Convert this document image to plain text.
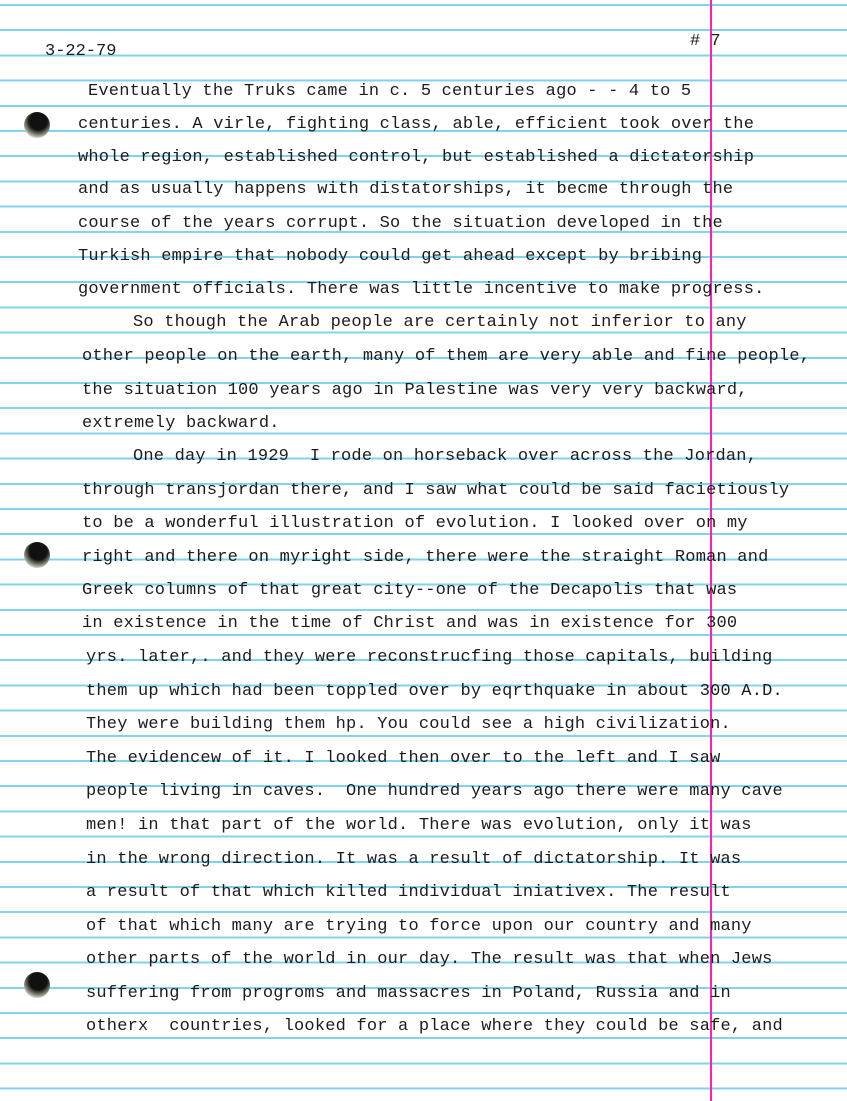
3-22-79
# 7
Eventually the Truks came in c. 5 centuries ago - - 4 to 5
centuries. A virle, fighting class, able, efficient took over the
whole region, established control, but established a dictatorship
and as usually happens with distatorships, it becme through the
course of the years corrupt. So the situation developed in the
Turkish empire that nobody could get ahead except by bribing
government officials. There was little incentive to make progress.
So though the Arab people are certainly not inferior to any
other people on the earth, many of them are very able and fine people,
the situation 100 years ago in Palestine was very very backward,
extremely backward.
One day in 1929  I rode on horseback over across the Jordan,
through transjordan there, and I saw what could be said facietiously
to be a wonderful illustration of evolution. I looked over on my
right and there on myright side, there were the straight Roman and
Greek columns of that great city--one of the Decapolis that was
in existence in the time of Christ and was in existence for 300
yrs. later,. and they were reconstrucfing those capitals, building
them up which had been toppled over by eqrthquake in about 300 A.D.
They were building them hp. You could see a high civilization.
The evidencew of it. I looked then over to the left and I saw
people living in caves.  One hundred years ago there were many cave
men! in that part of the world. There was evolution, only it was
in the wrong direction. It was a result of dictatorship. It was
a result of that which killed individual iniativex. The result
of that which many are trying to force upon our country and many
other parts of the world in our day. The result was that when Jews
suffering from progroms and massacres in Poland, Russia and in
otherx  countries, looked for a place where they could be safe, and
